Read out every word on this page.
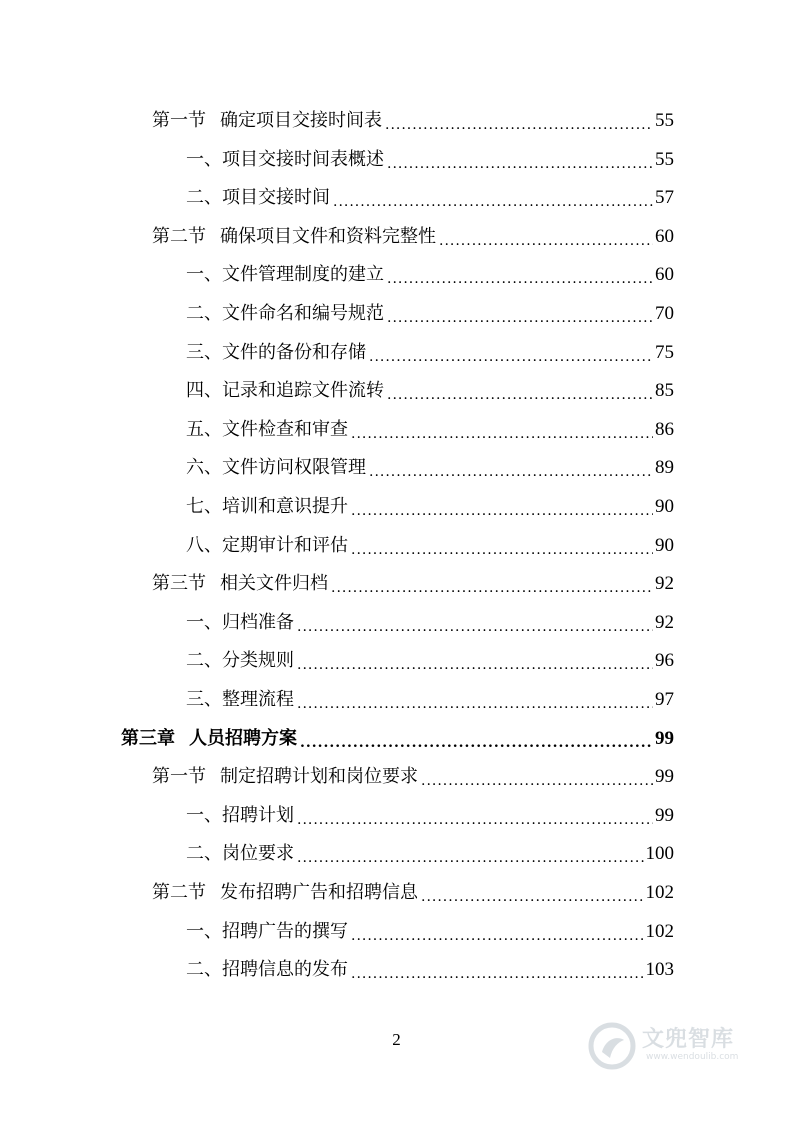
第一节 确定项目交接时间表 .....	55
一、项目交接时间表概述 .....	55
二、项目交接时间 .....	57
第二节 确保项目文件和资料完整性 .....	60
一、文件管理制度的建立 .....	60
二、文件命名和编号规范 .....	70
三、文件的备份和存储 .....	75
四、记录和追踪文件流转 .....	85
五、文件检查和审查 .....	86
六、文件访问权限管理 .....	89
七、培训和意识提升 .....	90
八、定期审计和评估 .....	90
第三节 相关文件归档 .....	92
一、归档准备 .....	92
二、分类规则 .....	96
三、整理流程 .....	97
第三章 人员招聘方案 .....	99
第一节 制定招聘计划和岗位要求 .....	99
一、招聘计划 .....	99
二、岗位要求 .....	100
第二节 发布招聘广告和招聘信息 .....	102
一、招聘广告的撰写 .....	102
二、招聘信息的发布 .....	103
2	文兜智库
www.wendoulib.com
